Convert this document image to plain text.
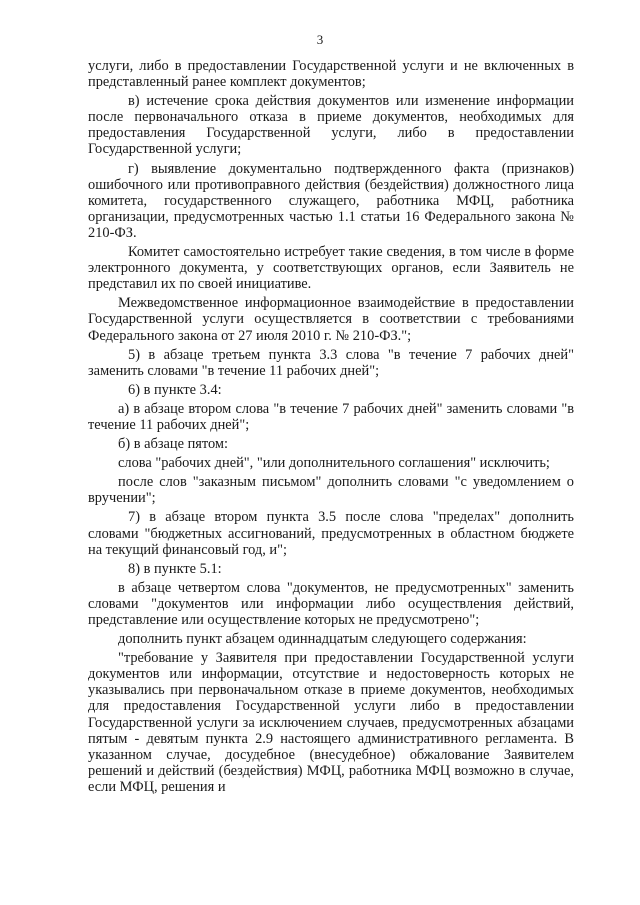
3

услуги, либо в предоставлении Государственной услуги и не включенных в представленный ранее комплект документов;

в) истечение срока действия документов или изменение информации после первоначального отказа в приеме документов, необходимых для предоставления Государственной услуги, либо в предоставлении Государственной услуги;

г) выявление документально подтвержденного факта (признаков) ошибочного или противоправного действия (бездействия) должностного лица комитета, государственного служащего, работника МФЦ, работника организации, предусмотренных частью 1.1 статьи 16 Федерального закона № 210-ФЗ.

Комитет самостоятельно истребует такие сведения, в том числе в форме электронного документа, у соответствующих органов, если Заявитель не представил их по своей инициативе.

Межведомственное информационное взаимодействие в предоставлении Государственной услуги осуществляется в соответствии с требованиями Федерального закона от 27 июля 2010 г. № 210-ФЗ.";

5) в абзаце третьем пункта 3.3 слова "в течение 7 рабочих дней" заменить словами "в течение 11 рабочих дней";

6) в пункте 3.4:

а) в абзаце втором слова "в течение 7 рабочих дней" заменить словами "в течение 11 рабочих дней";

б) в абзаце пятом:

слова "рабочих дней", "или дополнительного соглашения" исключить;

после слов "заказным письмом" дополнить словами "с уведомлением о вручении";

7) в абзаце втором пункта 3.5 после слова "пределах" дополнить словами "бюджетных ассигнований, предусмотренных в областном бюджете на текущий финансовый год, и";

8) в пункте 5.1:

в абзаце четвертом слова "документов, не предусмотренных" заменить словами "документов или информации либо осуществления действий, представление или осуществление которых не предусмотрено";

дополнить пункт абзацем одиннадцатым следующего содержания:

"требование у Заявителя при предоставлении Государственной услуги документов или информации, отсутствие и недостоверность которых не указывались при первоначальном отказе в приеме документов, необходимых для предоставления Государственной услуги либо в предоставлении Государственной услуги за исключением случаев, предусмотренных абзацами пятым - девятым пункта 2.9 настоящего административного регламента. В указанном случае, досудебное (внесудебное) обжалование Заявителем решений и действий (бездействия) МФЦ, работника МФЦ возможно в случае, если МФЦ, решения и
